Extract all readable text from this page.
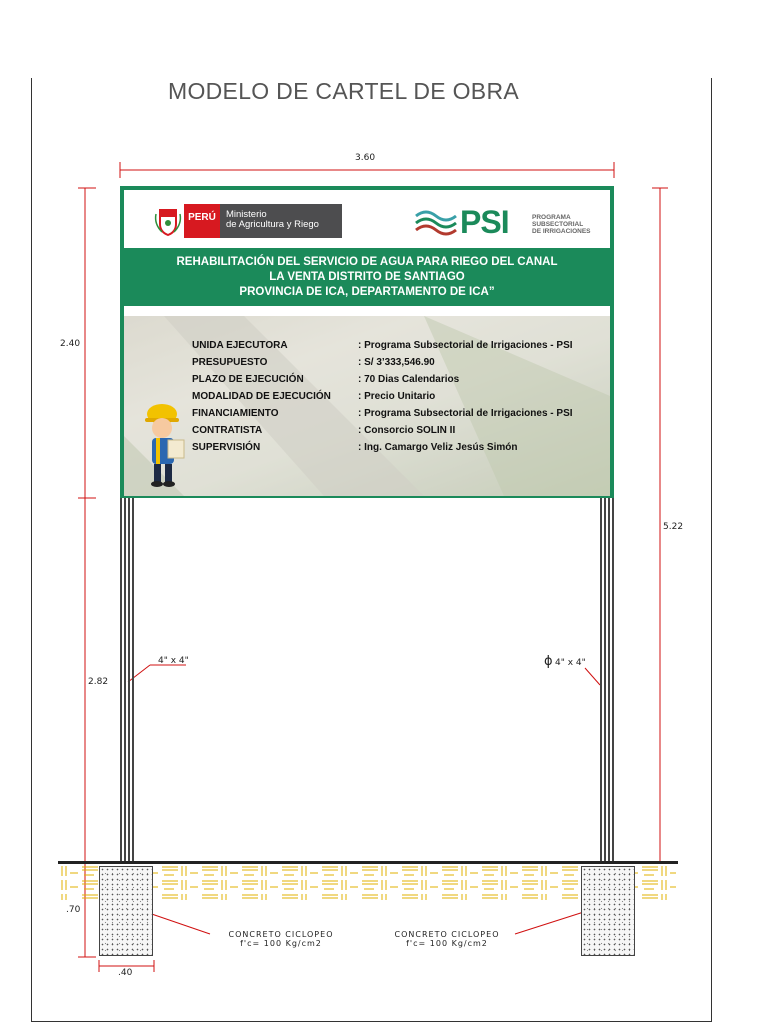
MODELO DE CARTEL DE OBRA
3.60
2.40
2.82
5.22
.70
.40
4" x 4"	ϕ 4" x 4"
PERÚ	Ministerio
de Agricultura y Riego	PSI	PROGRAMA
SUBSECTORIAL
DE IRRIGACIONES
REHABILITACIÓN DEL SERVICIO DE AGUA PARA RIEGO DEL CANAL
LA VENTA DISTRITO DE SANTIAGO
PROVINCIA DE ICA, DEPARTAMENTO DE ICA”
UNIDA EJECUTORA	: Programa Subsectorial de Irrigaciones - PSI
PRESUPUESTO	: S/ 3’333,546.90
PLAZO DE EJECUCIÓN	: 70 Dias Calendarios
MODALIDAD DE EJECUCIÓN	: Precio Unitario
FINANCIAMIENTO	: Programa Subsectorial de Irrigaciones - PSI
CONTRATISTA	: Consorcio SOLIN II
SUPERVISIÓN	: Ing. Camargo Veliz Jesús Simón
CONCRETO CICLOPEO
f'c= 100 Kg/cm2
CONCRETO CICLOPEO
f'c= 100 Kg/cm2
